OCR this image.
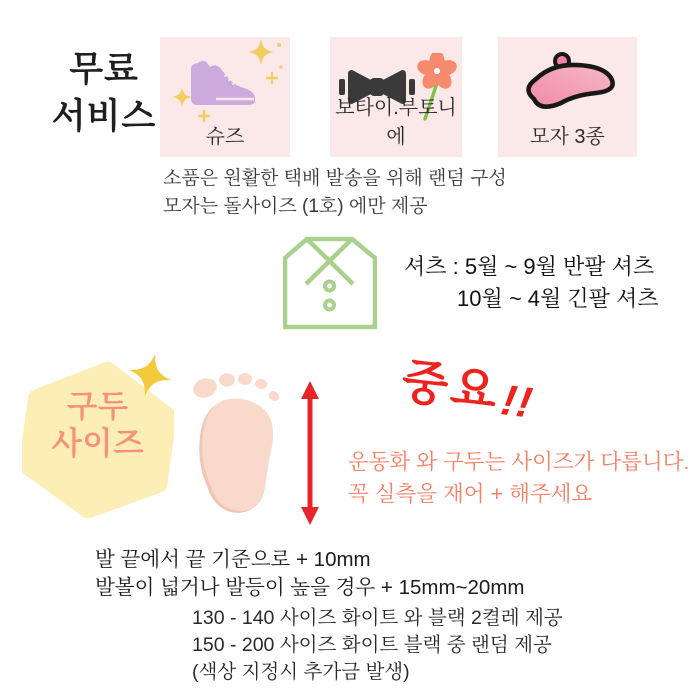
무료
서비스
슈즈
보타이.부토니에	모자 3종
소품은 원활한 택배 발송을 위해 랜덤 구성
모자는 돌사이즈 (1호) 에만 제공
셔츠 : 5월 ~ 9월 반팔 셔츠
10월 ~ 4월 긴팔 셔츠
구두
사이즈
중요!!
운동화 와 구두는 사이즈가 다릅니다.
꼭 실측을 재어 + 해주세요
발 끝에서 끝 기준으로 + 10mm
발볼이 넓거나 발등이 높을 경우 + 15mm~20mm
130 - 140 사이즈 화이트 와 블랙 2켤레 제공
150 - 200 사이즈 화이트 블랙 중 랜덤 제공
(색상 지정시 추가금 발생)
